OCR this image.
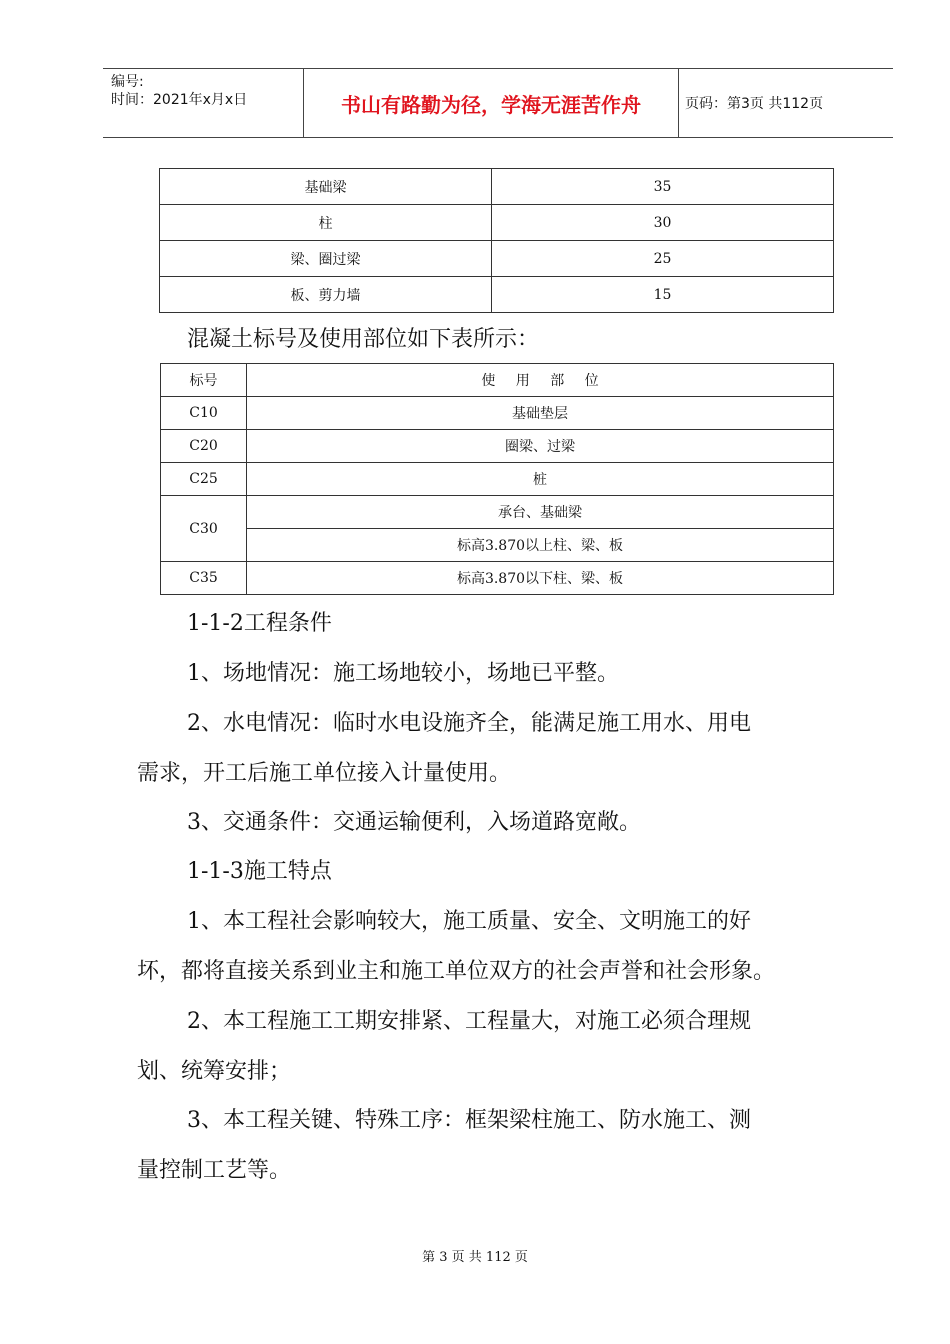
编号:
时间：2021年x月x日	书山有路勤为径，学海无涯苦作舟	页码：第3页 共112页
基础梁	35
柱	30
梁、圈过梁	25
板、剪力墙	15
混凝土标号及使用部位如下表所示：
标号	使 用 部 位
C10	基础垫层
C20	圈梁、过梁
C25	桩
C30	承台、基础梁
	标高3.870以上柱、梁、板
C35	标高3.870以下柱、梁、板
1-1-2工程条件
1、场地情况：施工场地较小，场地已平整。
2、水电情况：临时水电设施齐全，能满足施工用水、用电
需求，开工后施工单位接入计量使用。
3、交通条件：交通运输便利，入场道路宽敞。
1-1-3施工特点
1、本工程社会影响较大，施工质量、安全、文明施工的好
坏，都将直接关系到业主和施工单位双方的社会声誉和社会形象。
2、本工程施工工期安排紧、工程量大，对施工必须合理规
划、统筹安排；
3、本工程关键、特殊工序：框架梁柱施工、防水施工、测
量控制工艺等。
第 3 页 共 112 页
